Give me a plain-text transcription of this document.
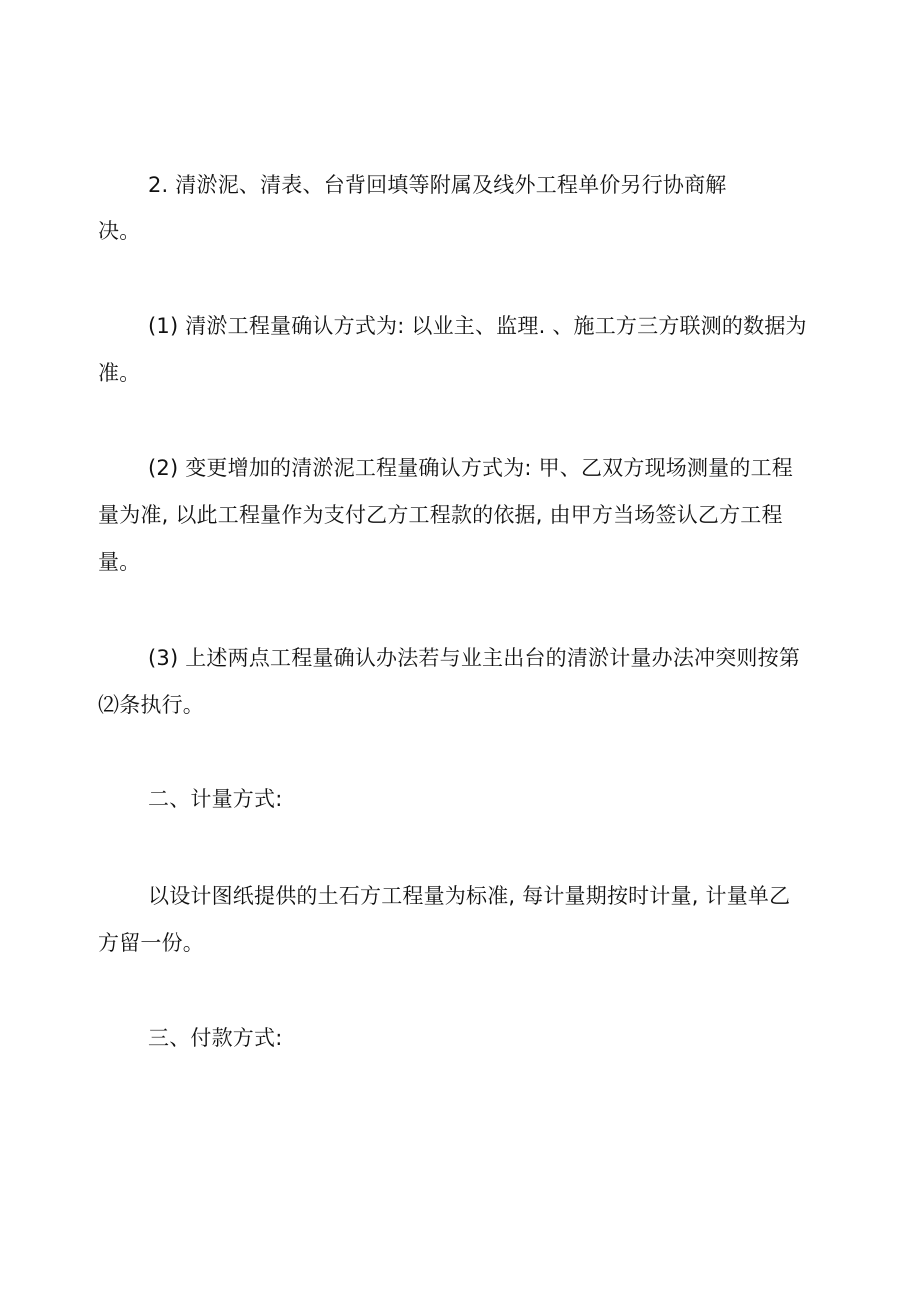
2. 清淤泥、清表、台背回填等附属及线外工程单价另行协商解
决。
(1) 清淤工程量确认方式为: 以业主、监理. 、施工方三方联测的数据为
准。
(2) 变更增加的清淤泥工程量确认方式为: 甲、乙双方现场测量的工程
量为准, 以此工程量作为支付乙方工程款的依据, 由甲方当场签认乙方工程
量。
(3) 上述两点工程量确认办法若与业主出台的清淤计量办法冲突则按第
⑵条执行。
二、计量方式:
以设计图纸提供的土石方工程量为标准, 每计量期按时计量, 计量单乙
方留一份。
三、付款方式:
